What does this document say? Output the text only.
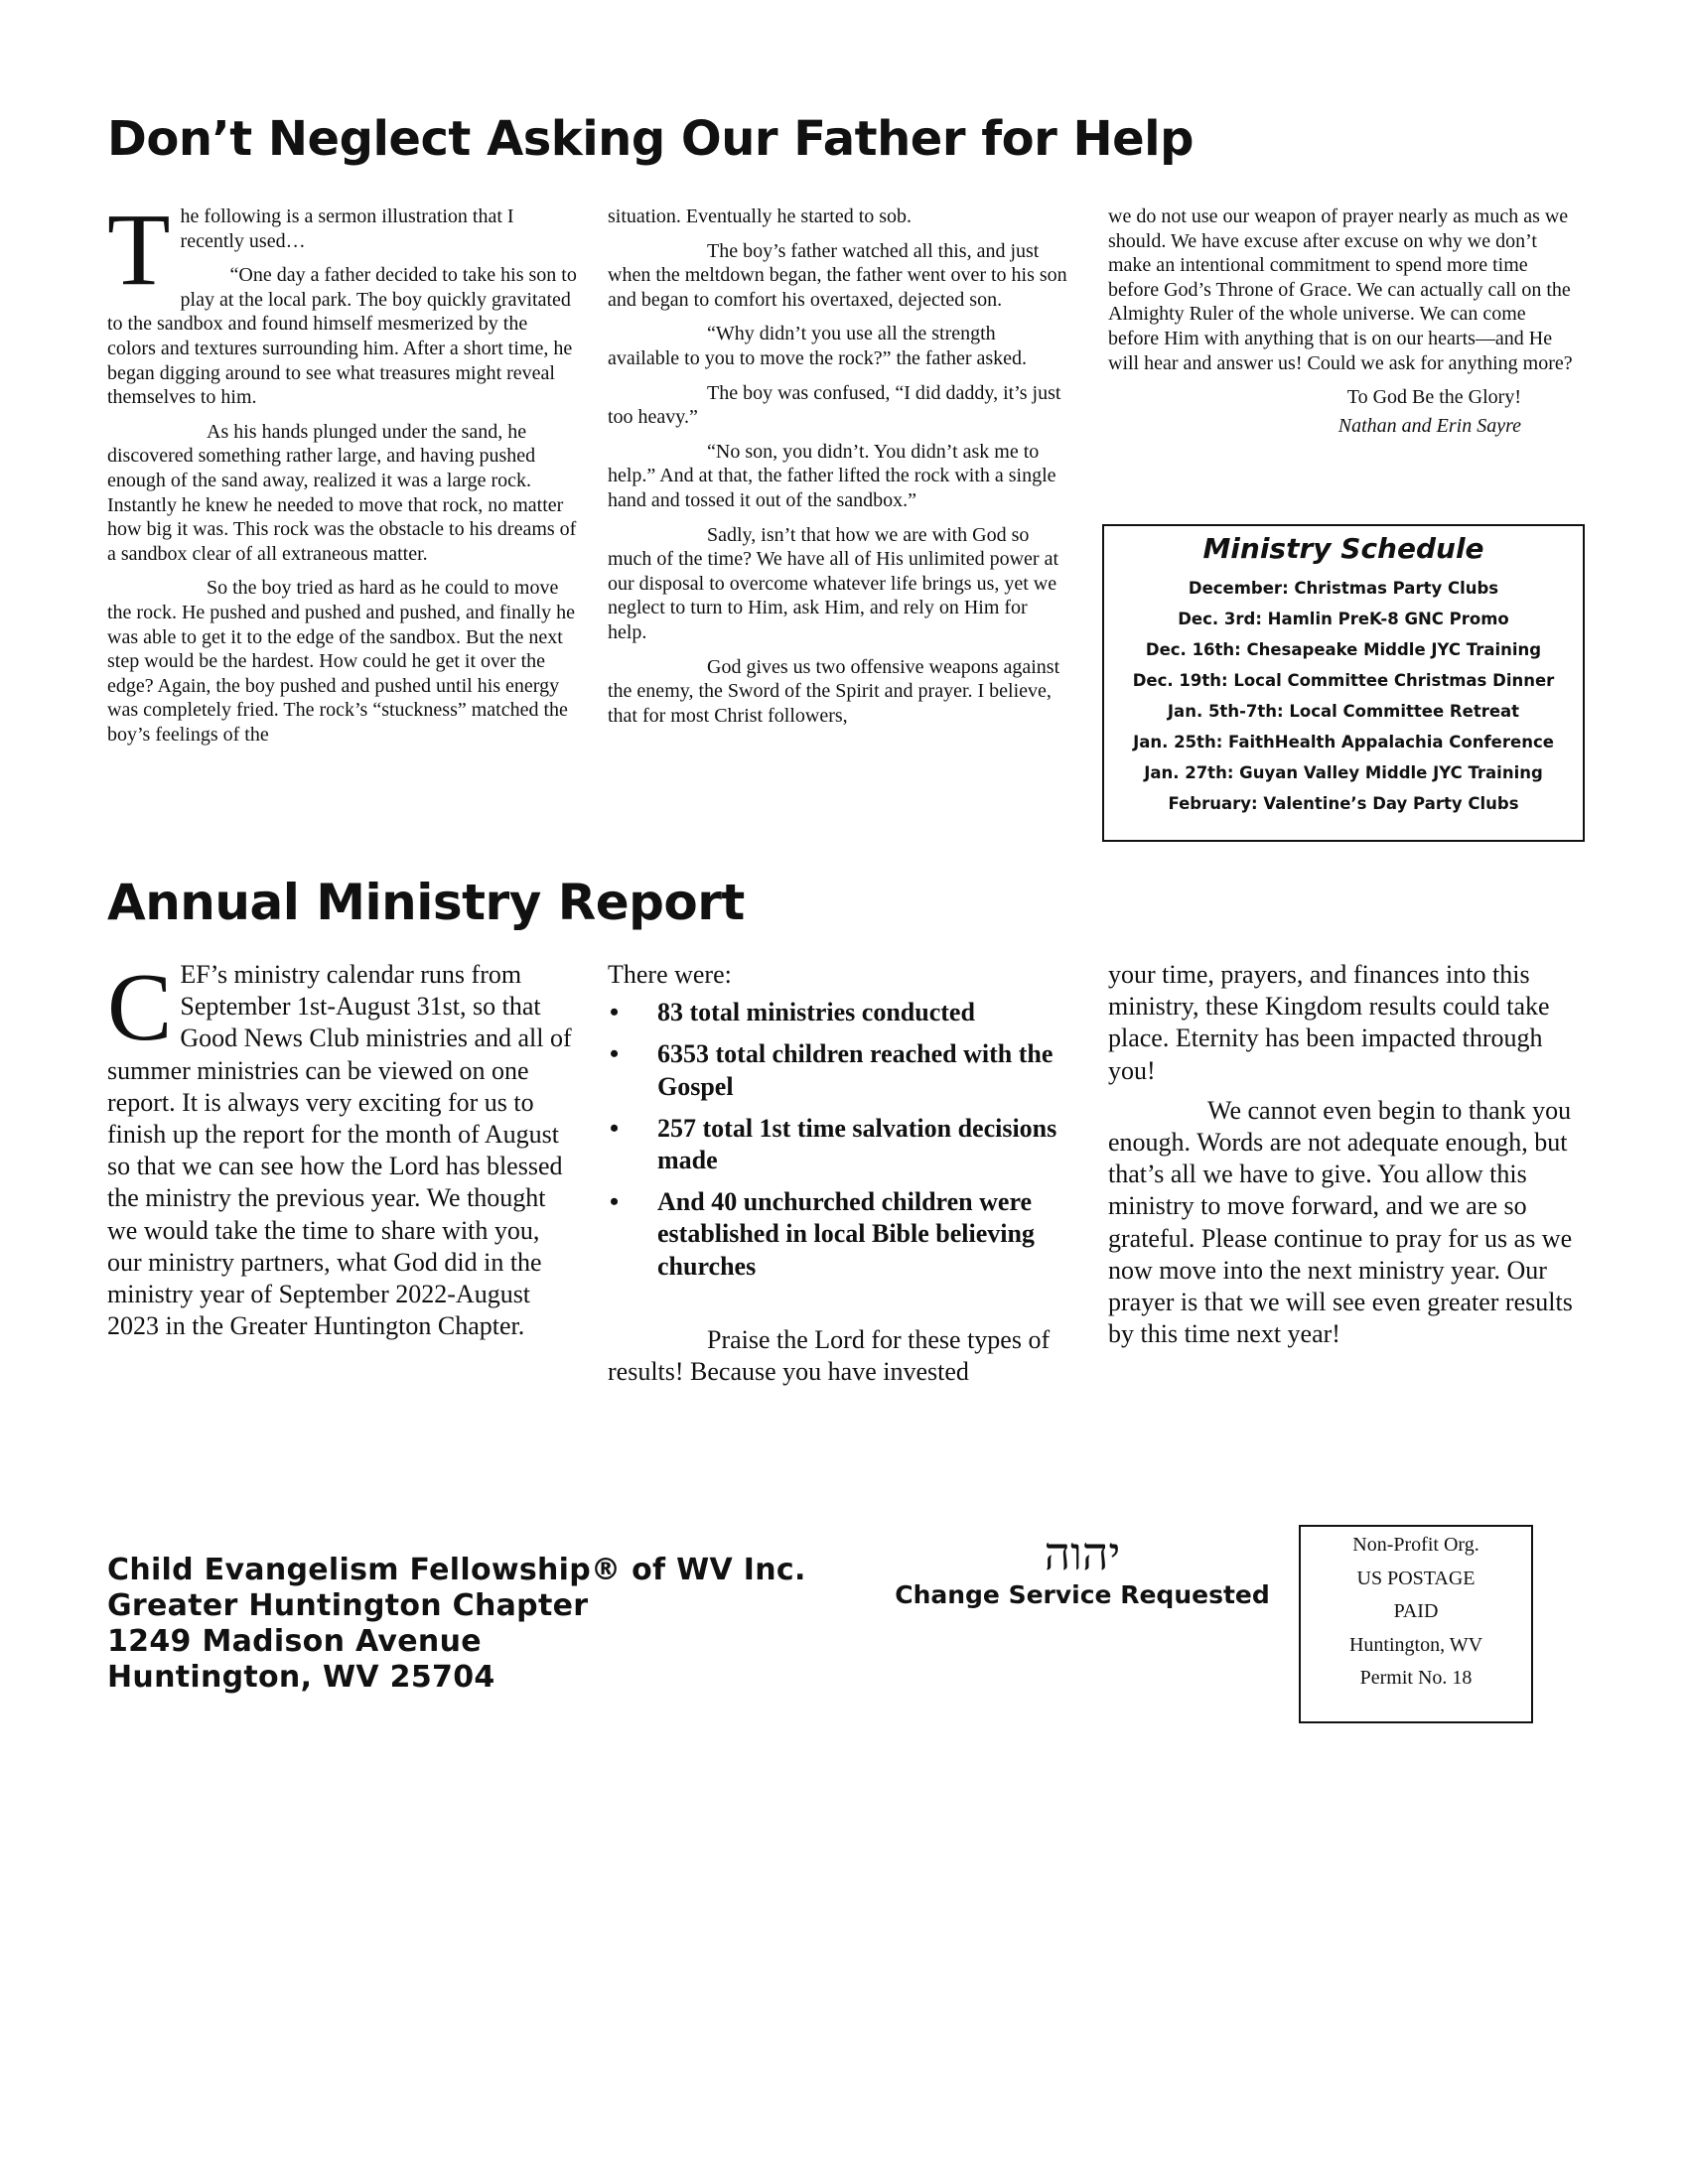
Don’t Neglect Asking Our Father for Help

The following is a sermon illustration that I recently used…

“One day a father decided to take his son to play at the local park. The boy quickly gravitated to the sandbox and found himself mesmerized by the colors and textures surrounding him. After a short time, he began digging around to see what treasures might reveal themselves to him.

As his hands plunged under the sand, he discovered something rather large, and having pushed enough of the sand away, realized it was a large rock. Instantly he knew he needed to move that rock, no matter how big it was. This rock was the obstacle to his dreams of a sandbox clear of all extraneous matter.

So the boy tried as hard as he could to move the rock. He pushed and pushed and pushed, and finally he was able to get it to the edge of the sandbox. But the next step would be the hardest. How could he get it over the edge? Again, the boy pushed and pushed until his energy was completely fried. The rock’s “stuckness” matched the boy’s feelings of the

situation. Eventually he started to sob.

The boy’s father watched all this, and just when the meltdown began, the father went over to his son and began to comfort his overtaxed, dejected son.

“Why didn’t you use all the strength available to you to move the rock?” the father asked.

The boy was confused, “I did daddy, it’s just too heavy.”

“No son, you didn’t. You didn’t ask me to help.” And at that, the father lifted the rock with a single hand and tossed it out of the sandbox.”

Sadly, isn’t that how we are with God so much of the time? We have all of His unlimited power at our disposal to overcome whatever life brings us, yet we neglect to turn to Him, ask Him, and rely on Him for help.

God gives us two offensive weapons against the enemy, the Sword of the Spirit and prayer. I believe, that for most Christ followers,

we do not use our weapon of prayer nearly as much as we should. We have excuse after excuse on why we don’t make an intentional commitment to spend more time before God’s Throne of Grace. We can actually call on the Almighty Ruler of the whole universe. We can come before Him with anything that is on our hearts—and He will hear and answer us! Could we ask for anything more?

To God Be the Glory!

Nathan and Erin Sayre

Ministry Schedule
December: Christmas Party Clubs
Dec. 3rd: Hamlin PreK-8 GNC Promo
Dec. 16th: Chesapeake Middle JYC Training
Dec. 19th: Local Committee Christmas Dinner
Jan. 5th-7th: Local Committee Retreat
Jan. 25th: FaithHealth Appalachia Conference
Jan. 27th: Guyan Valley Middle JYC Training
February: Valentine’s Day Party Clubs
Annual Ministry Report

CEF’s ministry calendar runs from September 1st-August 31st, so that Good News Club ministries and all of summer ministries can be viewed on one report. It is always very exciting for us to finish up the report for the month of August so that we can see how the Lord has blessed the ministry the previous year. We thought we would take the time to share with you, our ministry partners, what God did in the ministry year of September 2022-August 2023 in the Greater Huntington Chapter.

There were:

• 83 total ministries conducted
• 6353 total children reached with the Gospel
• 257 total 1st time salvation decisions made
• And 40 unchurched children were established in local Bible believing churches

Praise the Lord for these types of results! Because you have invested

your time, prayers, and finances into this ministry, these Kingdom results could take place. Eternity has been impacted through you!

We cannot even begin to thank you enough. Words are not adequate enough, but that’s all we have to give. You allow this ministry to move forward, and we are so grateful. Please continue to pray for us as we now move into the next ministry year. Our prayer is that we will see even greater results by this time next year!

Child Evangelism Fellowship® of WV Inc.
Greater Huntington Chapter
1249 Madison Avenue
Huntington, WV 25704
יהוה
Change Service Requested
Non-Profit Org.
US POSTAGE
PAID
Huntington, WV
Permit No. 18
